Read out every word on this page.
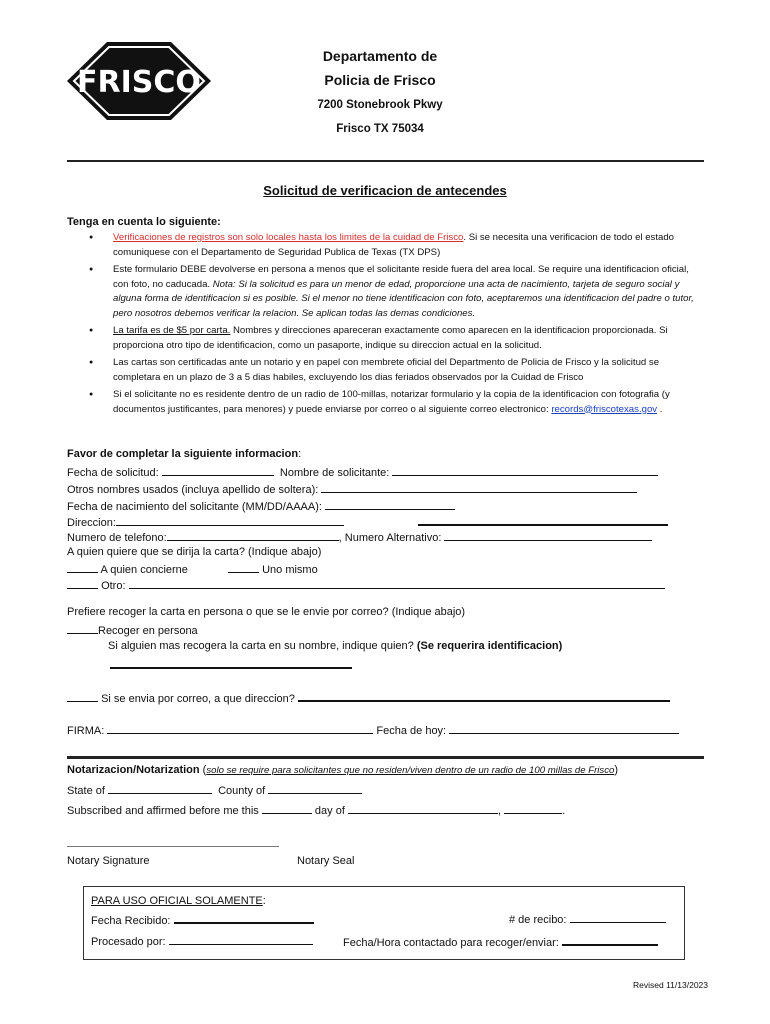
FRISCO
Departamento de
Policia de Frisco
7200 Stonebrook Pkwy
Frisco TX 75034
Solicitud de verificacion de antecendes
Tenga en cuenta lo siguiente:
● Verificaciones de registros son solo locales hasta los limites de la cuidad de Frisco. Si se necesita una verificacion de todo el estado comuniquese con el Departamento de Seguridad Publica de Texas (TX DPS)
● Este formulario DEBE devolverse en persona a menos que el solicitante reside fuera del area local. Se require una identificacion oficial, con foto, no caducada. Nota: Si la solicitud es para un menor de edad, proporcione una acta de nacimiento, tarjeta de seguro social y alguna forma de identificacion si es posible. Si el menor no tiene identificacion con foto, aceptaremos una identificacion del padre o tutor, pero nosotros debemos verificar la relacion. Se aplican todas las demas condiciones.
● La tarifa es de $5 por carta. Nombres y direcciones apareceran exactamente como aparecen en la identificacion proporcionada. Si proporciona otro tipo de identificacion, como un pasaporte, indique su direccion actual en la solicitud.
● Las cartas son certificadas ante un notario y en papel con membrete oficial del Departmento de Policia de Frisco y la solicitud se completara en un plazo de 3 a 5 dias habiles, excluyendo los dias feriados observados por la Cuidad de Frisco
● Si el solicitante no es residente dentro de un radio de 100-millas, notarizar formulario y la copia de la identificacion con fotografia (y documentos justificantes, para menores) y puede enviarse por correo o al siguiente correo electronico: records@friscotexas.gov .
Favor de completar la siguiente informacion:
Fecha de solicitud:	Nombre de solicitante:
Otros nombres usados (incluya apellido de soltera):
Fecha de nacimiento del solicitante (MM/DD/AAAA):
Direccion:
Numero de telefono:	, Numero Alternativo:
A quien quiere que se dirija la carta? (Indique abajo)
A quien concierne	Uno mismo
Otro:
Prefiere recoger la carta en persona o que se le envie por correo? (Indique abajo)
Recoger en persona
Si alguien mas recogera la carta en su nombre, indique quien? (Se requerira identificacion)
Si se envia por correo, a que direccion?
FIRMA:	Fecha de hoy:
Notarizacion/Notarization (solo se require para solicitantes que no residen/viven dentro de un radio de 100 millas de Frisco)
State of	County of
Subscribed and affirmed before me this	day of	,	.
Notary Signature	Notary Seal
PARA USO OFICIAL SOLAMENTE:
Fecha Recibido:	# de recibo:
Procesado por:	Fecha/Hora contactado para recoger/enviar:
Revised 11/13/2023
